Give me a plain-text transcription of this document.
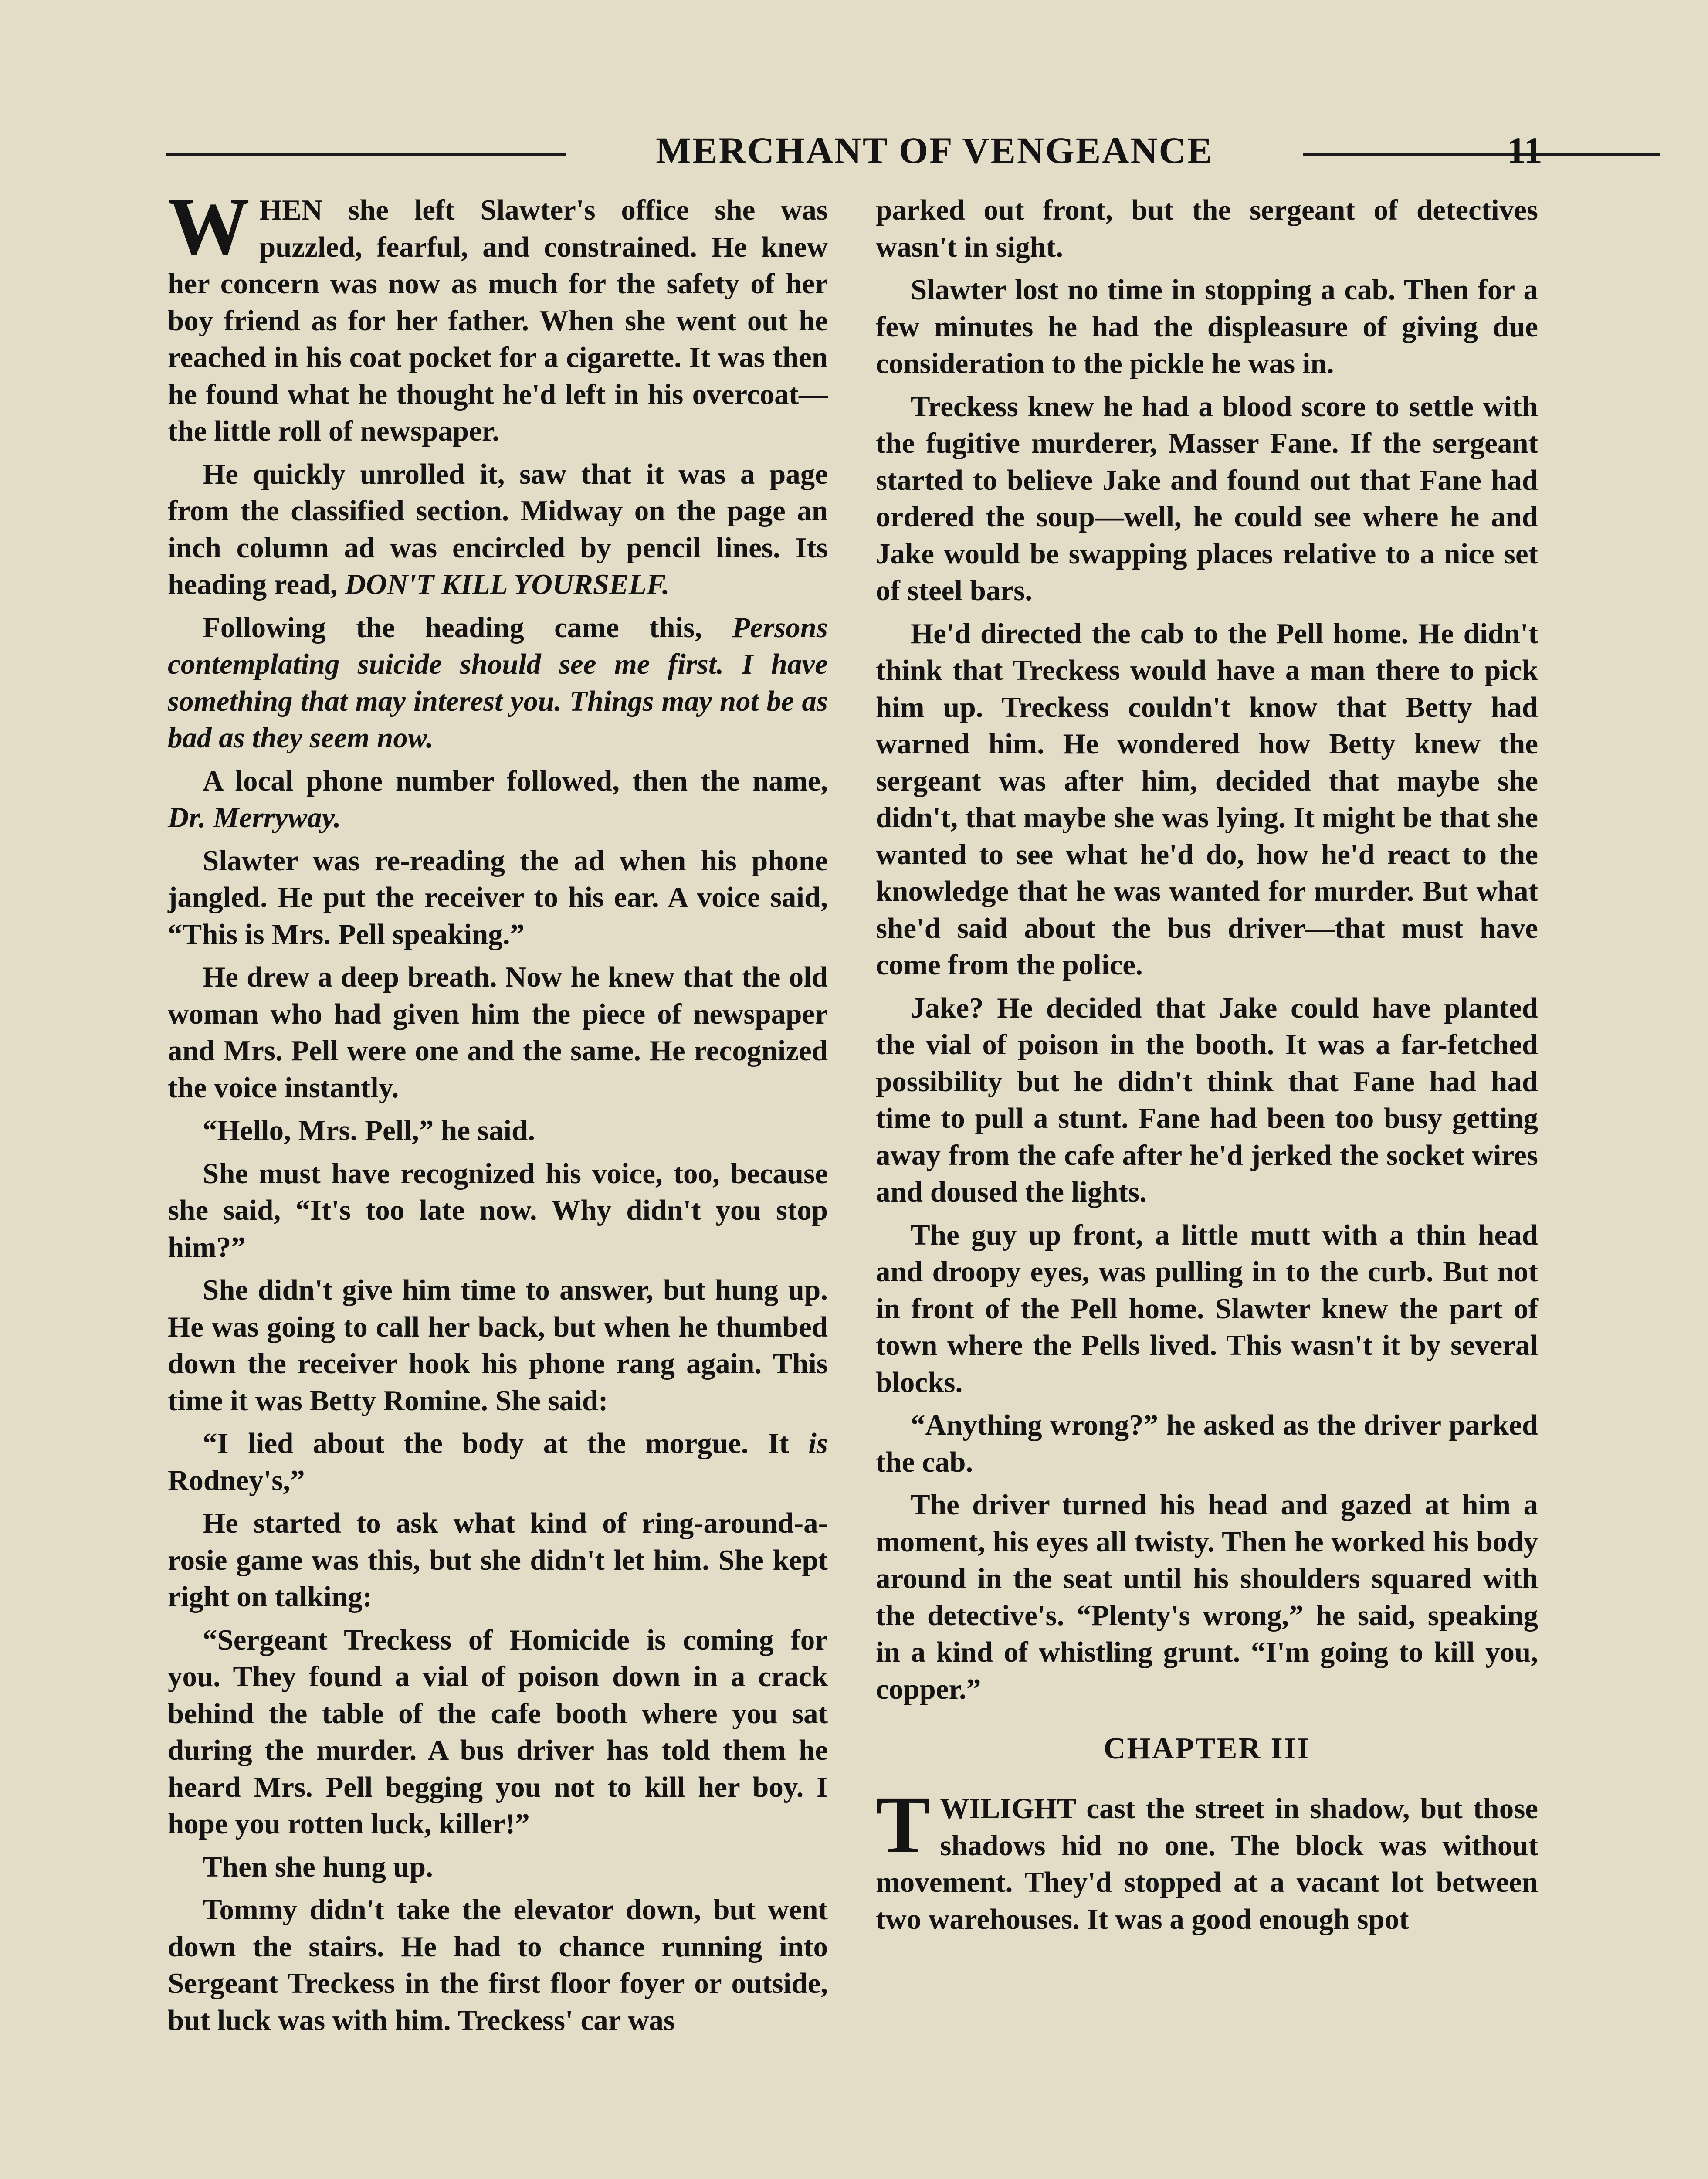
MERCHANT OF VENGEANCE	11

WHEN she left Slawter's office she was puzzled, fearful, and constrained. He knew her concern was now as much for the safety of her boy friend as for her father. When she went out he reached in his coat pocket for a cigarette. It was then he found what he thought he'd left in his overcoat—the little roll of newspaper.

He quickly unrolled it, saw that it was a page from the classified section. Midway on the page an inch column ad was encircled by pencil lines. Its heading read, DON'T KILL YOURSELF.

Following the heading came this, Persons contemplating suicide should see me first. I have something that may interest you. Things may not be as bad as they seem now.

A local phone number followed, then the name, Dr. Merryway.

Slawter was re-reading the ad when his phone jangled. He put the receiver to his ear. A voice said, “This is Mrs. Pell speaking.”

He drew a deep breath. Now he knew that the old woman who had given him the piece of newspaper and Mrs. Pell were one and the same. He recognized the voice instantly.

“Hello, Mrs. Pell,” he said.

She must have recognized his voice, too, because she said, “It's too late now. Why didn't you stop him?”

She didn't give him time to answer, but hung up. He was going to call her back, but when he thumbed down the receiver hook his phone rang again. This time it was Betty Romine. She said:

“I lied about the body at the morgue. It is Rodney's,”

He started to ask what kind of ring-around-a-rosie game was this, but she didn't let him. She kept right on talking:

“Sergeant Treckess of Homicide is coming for you. They found a vial of poison down in a crack behind the table of the cafe booth where you sat during the murder. A bus driver has told them he heard Mrs. Pell begging you not to kill her boy. I hope you rotten luck, killer!”

Then she hung up.

Tommy didn't take the elevator down, but went down the stairs. He had to chance running into Sergeant Treckess in the first floor foyer or outside, but luck was with him. Treckess' car was

parked out front, but the sergeant of detectives wasn't in sight.

Slawter lost no time in stopping a cab. Then for a few minutes he had the displeasure of giving due consideration to the pickle he was in.

Treckess knew he had a blood score to settle with the fugitive murderer, Masser Fane. If the sergeant started to believe Jake and found out that Fane had ordered the soup—well, he could see where he and Jake would be swapping places relative to a nice set of steel bars.

He'd directed the cab to the Pell home. He didn't think that Treckess would have a man there to pick him up. Treckess couldn't know that Betty had warned him. He wondered how Betty knew the sergeant was after him, decided that maybe she didn't, that maybe she was lying. It might be that she wanted to see what he'd do, how he'd react to the knowledge that he was wanted for murder. But what she'd said about the bus driver—that must have come from the police.

Jake? He decided that Jake could have planted the vial of poison in the booth. It was a far-fetched possibility but he didn't think that Fane had had time to pull a stunt. Fane had been too busy getting away from the cafe after he'd jerked the socket wires and doused the lights.

The guy up front, a little mutt with a thin head and droopy eyes, was pulling in to the curb. But not in front of the Pell home. Slawter knew the part of town where the Pells lived. This wasn't it by several blocks.

“Anything wrong?” he asked as the driver parked the cab.

The driver turned his head and gazed at him a moment, his eyes all twisty. Then he worked his body around in the seat until his shoulders squared with the detective's. “Plenty's wrong,” he said, speaking in a kind of whistling grunt. “I'm going to kill you, copper.”

CHAPTER III

TWILIGHT cast the street in shadow, but those shadows hid no one. The block was without movement. They'd stopped at a vacant lot between two warehouses. It was a good enough spot
